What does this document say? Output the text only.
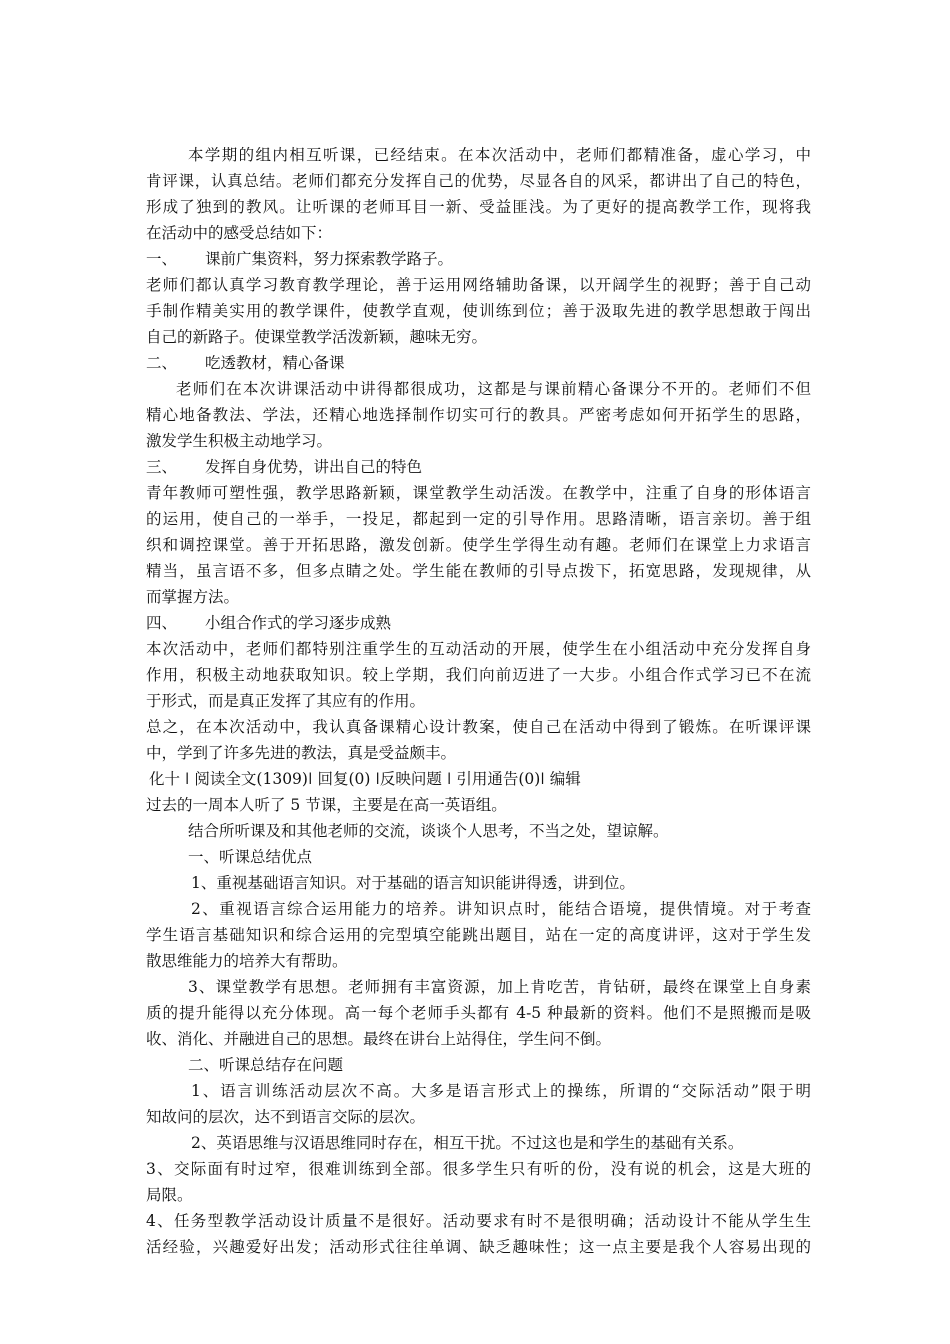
本学期的组内相互听课，已经结束。在本次活动中，老师们都精准备，虚心学习，中
肯评课，认真总结。老师们都充分发挥自己的优势，尽显各自的风采，都讲出了自己的特色，
形成了独到的教风。让听课的老师耳目一新、受益匪浅。为了更好的提高教学工作，现将我
在活动中的感受总结如下：
一、 课前广集资料，努力探索教学路子。
老师们都认真学习教育教学理论，善于运用网络辅助备课，以开阔学生的视野；善于自己动
手制作精美实用的教学课件，使教学直观，使训练到位；善于汲取先进的教学思想敢于闯出
自己的新路子。使课堂教学活泼新颖，趣味无穷。
二、 吃透教材，精心备课
老师们在本次讲课活动中讲得都很成功，这都是与课前精心备课分不开的。老师们不但
精心地备教法、学法，还精心地选择制作切实可行的教具。严密考虑如何开拓学生的思路，
激发学生积极主动地学习。
三、 发挥自身优势，讲出自己的特色
青年教师可塑性强，教学思路新颖，课堂教学生动活泼。在教学中，注重了自身的形体语言
的运用，使自己的一举手，一投足，都起到一定的引导作用。思路清晰，语言亲切。善于组
织和调控课堂。善于开拓思路，激发创新。使学生学得生动有趣。老师们在课堂上力求语言
精当，虽言语不多，但多点睛之处。学生能在教师的引导点拨下，拓宽思路，发现规律，从
而掌握方法。
四、 小组合作式的学习逐步成熟
本次活动中，老师们都特别注重学生的互动活动的开展，使学生在小组活动中充分发挥自身
作用，积极主动地获取知识。较上学期，我们向前迈进了一大步。小组合作式学习已不在流
于形式，而是真正发挥了其应有的作用。
总之，在本次活动中，我认真备课精心设计教案，使自己在活动中得到了锻炼。在听课评课
中，学到了许多先进的教法，真是受益颇丰。
化十 ǀ 阅读全文(1309)ǀ 回复(0) ǀ反映问题 ǀ 引用通告(0)ǀ 编辑
过去的一周本人听了 5 节课，主要是在高一英语组。
结合所听课及和其他老师的交流，谈谈个人思考，不当之处，望谅解。
一、听课总结优点
1、重视基础语言知识。对于基础的语言知识能讲得透，讲到位。
2、重视语言综合运用能力的培养。讲知识点时，能结合语境，提供情境。对于考查
学生语言基础知识和综合运用的完型填空能跳出题目，站在一定的高度讲评，这对于学生发
散思维能力的培养大有帮助。
3、课堂教学有思想。老师拥有丰富资源，加上肯吃苦，肯钻研，最终在课堂上自身素
质的提升能得以充分体现。高一每个老师手头都有 4-5 种最新的资料。他们不是照搬而是吸
收、消化、并融进自己的思想。最终在讲台上站得住，学生问不倒。
二、听课总结存在问题
1、语言训练活动层次不高。大多是语言形式上的操练，所谓的“交际活动”限于明
知故问的层次，达不到语言交际的层次。
2、英语思维与汉语思维同时存在，相互干扰。不过这也是和学生的基础有关系。
3、交际面有时过窄，很难训练到全部。很多学生只有听的份，没有说的机会，这是大班的
局限。
4、任务型教学活动设计质量不是很好。活动要求有时不是很明确；活动设计不能从学生生
活经验，兴趣爱好出发；活动形式往往单调、缺乏趣味性；这一点主要是我个人容易出现的
